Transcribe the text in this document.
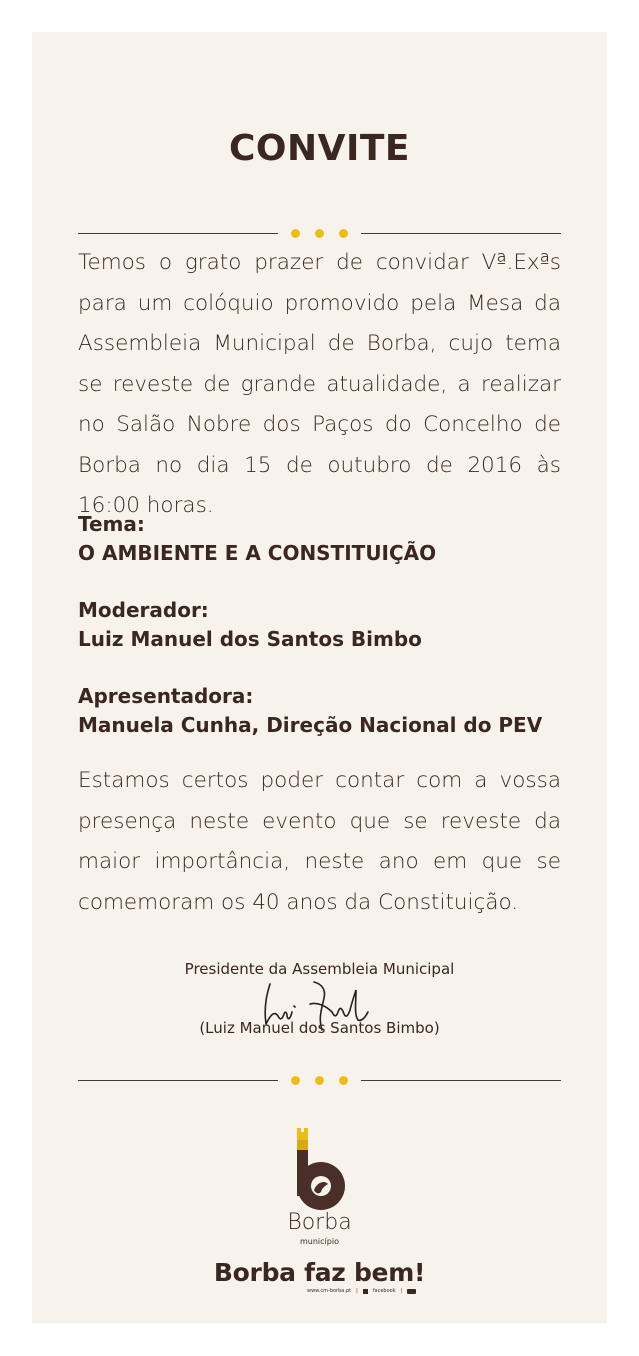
CONVITE

Temos o grato prazer de convidar Vª.Exªs para um colóquio promovido pela Mesa da Assembleia Municipal de Borba, cujo tema se reveste de grande atualidade, a realizar no Salão Nobre dos Paços do Concelho de Borba no dia 15 de outubro de 2016 às 16:00 horas.

Tema:
O AMBIENTE E A CONSTITUIÇÃO
Moderador:
Luiz Manuel dos Santos Bimbo
Apresentadora:
Manuela Cunha, Direção Nacional do PEV

Estamos certos poder contar com a vossa presença neste evento que se reveste da maior importância, neste ano em que se comemoram os 40 anos da Constituição.

Presidente da Assembleia Municipal
(Luiz Manuel dos Santos Bimbo)
Borba
município
Borba faz bem!
www.cm-borba.pt |	facebook |
